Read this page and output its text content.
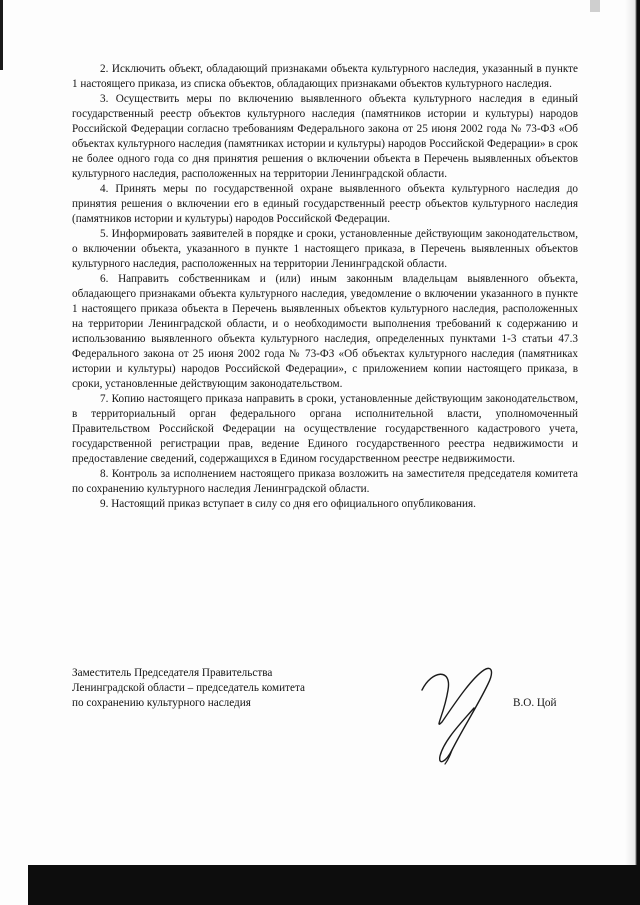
2. Исключить объект, обладающий признаками объекта культурного наследия, указанный в пункте 1 настоящего приказа, из списка объектов, обладающих признаками объектов культурного наследия.

3. Осуществить меры по включению выявленного объекта культурного наследия в единый государственный реестр объектов культурного наследия (памятников истории и культуры) народов Российской Федерации согласно требованиям Федерального закона от 25 июня 2002 года № 73-ФЗ «Об объектах культурного наследия (памятниках истории и культуры) народов Российской Федерации» в срок не более одного года со дня принятия решения о включении объекта в Перечень выявленных объектов культурного наследия, расположенных на территории Ленинградской области.

4. Принять меры по государственной охране выявленного объекта культурного наследия до принятия решения о включении его в единый государственный реестр объектов культурного наследия (памятников истории и культуры) народов Российской Федерации.

5. Информировать заявителей в порядке и сроки, установленные действующим законодательством, о включении объекта, указанного в пункте 1 настоящего приказа, в Перечень выявленных объектов культурного наследия, расположенных на территории Ленинградской области.

6. Направить собственникам и (или) иным законным владельцам выявленного объекта, обладающего признаками объекта культурного наследия, уведомление о включении указанного в пункте 1 настоящего приказа объекта в Перечень выявленных объектов культурного наследия, расположенных на территории Ленинградской области, и о необходимости выполнения требований к содержанию и использованию выявленного объекта культурного наследия, определенных пунктами 1-3 статьи 47.3 Федерального закона от 25 июня 2002 года № 73-ФЗ «Об объектах культурного наследия (памятниках истории и культуры) народов Российской Федерации», с приложением копии настоящего приказа, в сроки, установленные действующим законодательством.

7. Копию настоящего приказа направить в сроки, установленные действующим законодательством, в территориальный орган федерального органа исполнительной власти, уполномоченный Правительством Российской Федерации на осуществление государственного кадастрового учета, государственной регистрации прав, ведение Единого государственного реестра недвижимости и предоставление сведений, содержащихся в Едином государственном реестре недвижимости.

8. Контроль за исполнением настоящего приказа возложить на заместителя председателя комитета по сохранению культурного наследия Ленинградской области.

9. Настоящий приказ вступает в силу со дня его официального опубликования.

Заместитель Председателя Правительства
Ленинградской области – председатель комитета
по сохранению культурного наследия	В.О. Цой
